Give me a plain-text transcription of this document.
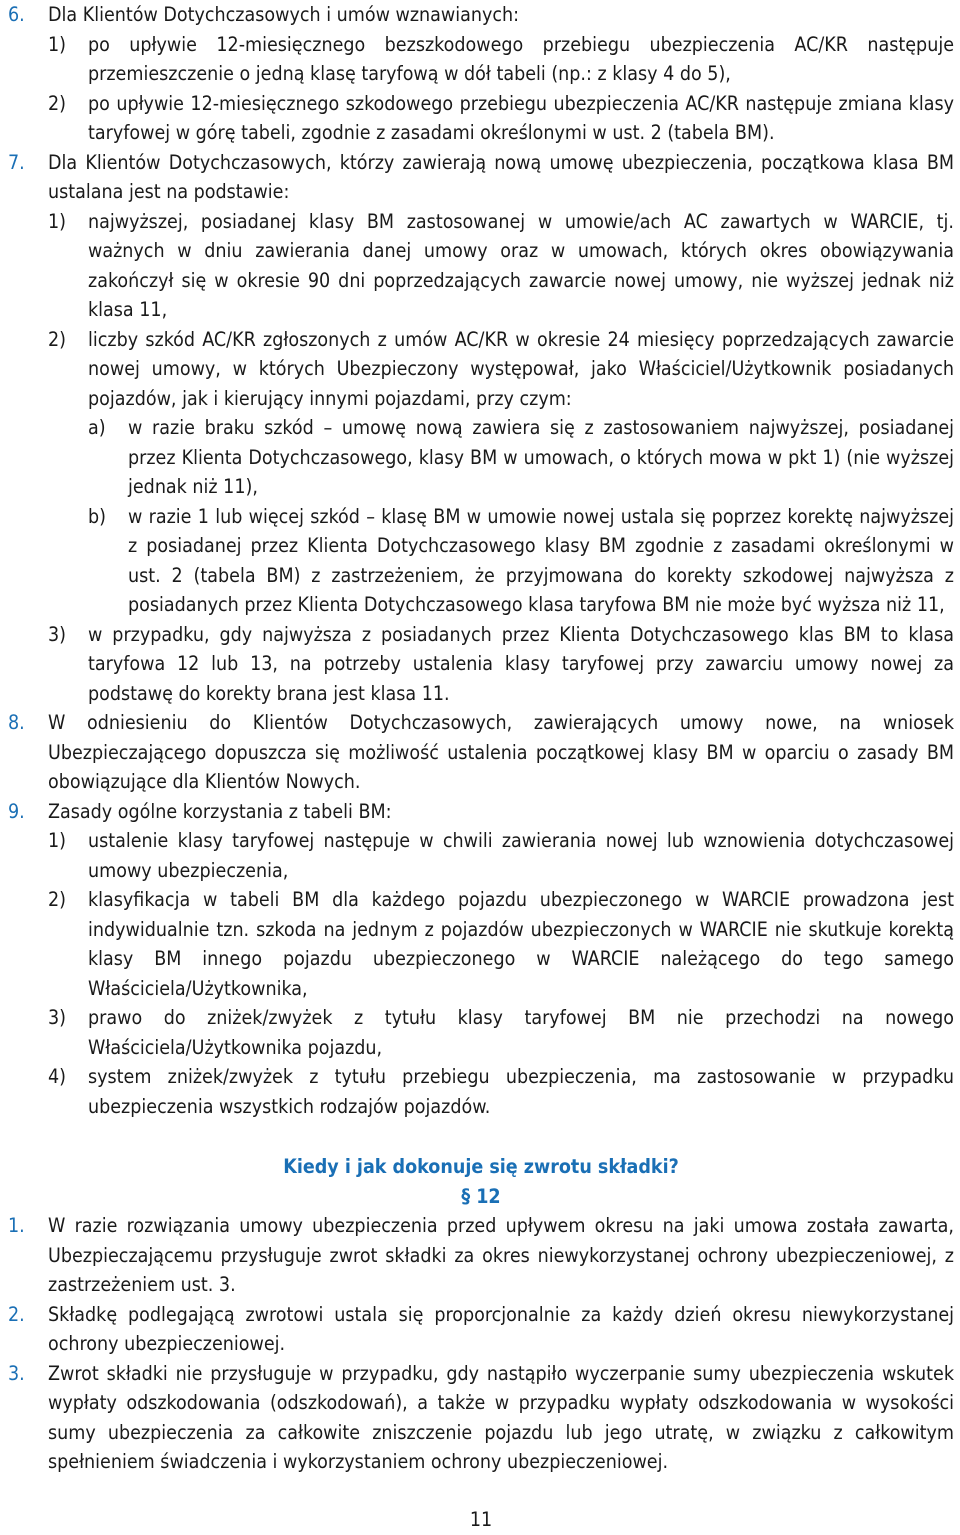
6. Dla Klientów Dotychczasowych i umów wznawianych:
1) po upływie 12-miesięcznego bezszkodowego przebiegu ubezpieczenia AC/KR następuje przemieszczenie o jedną klasę taryfową w dół tabeli (np.: z klasy 4 do 5),
2) po upływie 12-miesięcznego szkodowego przebiegu ubezpieczenia AC/KR następuje zmiana klasy taryfowej w górę tabeli, zgodnie z zasadami określonymi w ust. 2 (tabela BM).
7. Dla Klientów Dotychczasowych, którzy zawierają nową umowę ubezpieczenia, początkowa klasa BM ustalana jest na podstawie:
1) najwyższej, posiadanej klasy BM zastosowanej w umowie/ach AC zawartych w WARCIE, tj. ważnych w dniu zawierania danej umowy oraz w umowach, których okres obowiązywania zakończył się w okresie 90 dni poprzedzających zawarcie nowej umowy, nie wyższej jednak niż klasa 11,
2) liczby szkód AC/KR zgłoszonych z umów AC/KR w okresie 24 miesięcy poprzedzających zawarcie nowej umowy, w których Ubezpieczony występował, jako Właściciel/Użytkownik posiadanych pojazdów, jak i kierujący innymi pojazdami, przy czym:
a) w razie braku szkód – umowę nową zawiera się z zastosowaniem najwyższej, posiadanej przez Klienta Dotychczasowego, klasy BM w umowach, o których mowa w pkt 1) (nie wyższej jednak niż 11),
b) w razie 1 lub więcej szkód – klasę BM w umowie nowej ustala się poprzez korektę najwyższej z posiadanej przez Klienta Dotychczasowego klasy BM zgodnie z zasadami określonymi w ust. 2 (tabela BM) z zastrzeżeniem, że przyjmowana do korekty szkodowej najwyższa z posiadanych przez Klienta Dotychczasowego klasa taryfowa BM nie może być wyższa niż 11,
3) w przypadku, gdy najwyższa z posiadanych przez Klienta Dotychczasowego klas BM to klasa taryfowa 12 lub 13, na potrzeby ustalenia klasy taryfowej przy zawarciu umowy nowej za podstawę do korekty brana jest klasa 11.
8. W odniesieniu do Klientów Dotychczasowych, zawierających umowy nowe, na wniosek Ubezpieczającego dopuszcza się możliwość ustalenia początkowej klasy BM w oparciu o zasady BM obowiązujące dla Klientów Nowych.
9. Zasady ogólne korzystania z tabeli BM:
1) ustalenie klasy taryfowej następuje w chwili zawierania nowej lub wznowienia dotychczasowej umowy ubezpieczenia,
2) klasyfikacja w tabeli BM dla każdego pojazdu ubezpieczonego w WARCIE prowadzona jest indywidualnie tzn. szkoda na jednym z pojazdów ubezpieczonych w WARCIE nie skutkuje korektą klasy BM innego pojazdu ubezpieczonego w WARCIE należącego do tego samego Właściciela/Użytkownika,
3) prawo do zniżek/zwyżek z tytułu klasy taryfowej BM nie przechodzi na nowego Właściciela/Użytkownika pojazdu,
4) system zniżek/zwyżek z tytułu przebiegu ubezpieczenia, ma zastosowanie w przypadku ubezpieczenia wszystkich rodzajów pojazdów.
Kiedy i jak dokonuje się zwrotu składki?
§ 12
1. W razie rozwiązania umowy ubezpieczenia przed upływem okresu na jaki umowa została zawarta, Ubezpieczającemu przysługuje zwrot składki za okres niewykorzystanej ochrony ubezpieczeniowej, z zastrzeżeniem ust. 3.
2. Składkę podlegającą zwrotowi ustala się proporcjonalnie za każdy dzień okresu niewykorzystanej ochrony ubezpieczeniowej.
3. Zwrot składki nie przysługuje w przypadku, gdy nastąpiło wyczerpanie sumy ubezpieczenia wskutek wypłaty odszkodowania (odszkodowań), a także w przypadku wypłaty odszkodowania w wysokości sumy ubezpieczenia za całkowite zniszczenie pojazdu lub jego utratę, w związku z całkowitym spełnieniem świadczenia i wykorzystaniem ochrony ubezpieczeniowej.
11
